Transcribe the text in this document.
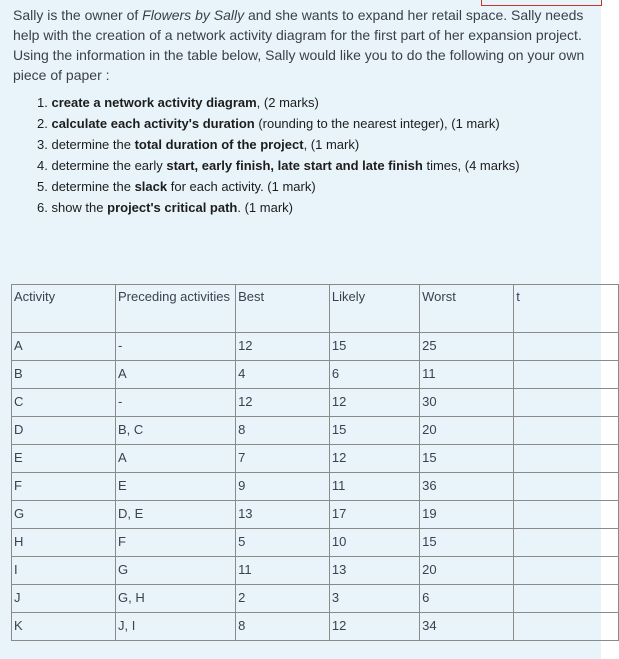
Sally is the owner of Flowers by Sally and she wants to expand her retail space. Sally needs help with the creation of a network activity diagram for the first part of her expansion project. Using the information in the table below, Sally would like you to do the following on your own piece of paper :
1. create a network activity diagram, (2 marks)
2. calculate each activity's duration (rounding to the nearest integer), (1 mark)
3. determine the total duration of the project, (1 mark)
4. determine the early start, early finish, late start and late finish times, (4 marks)
5. determine the slack for each activity. (1 mark)
6. show the project's critical path. (1 mark)
Activity	Preceding activities	Best	Likely	Worst	t
A	-	12	15	25	
B	A	4	6	11	
C	-	12	12	30	
D	B, C	8	15	20	
E	A	7	12	15	
F	E	9	11	36	
G	D, E	13	17	19	
H	F	5	10	15	
I	G	11	13	20	
J	G, H	2	3	6	
K	J, I	8	12	34	
